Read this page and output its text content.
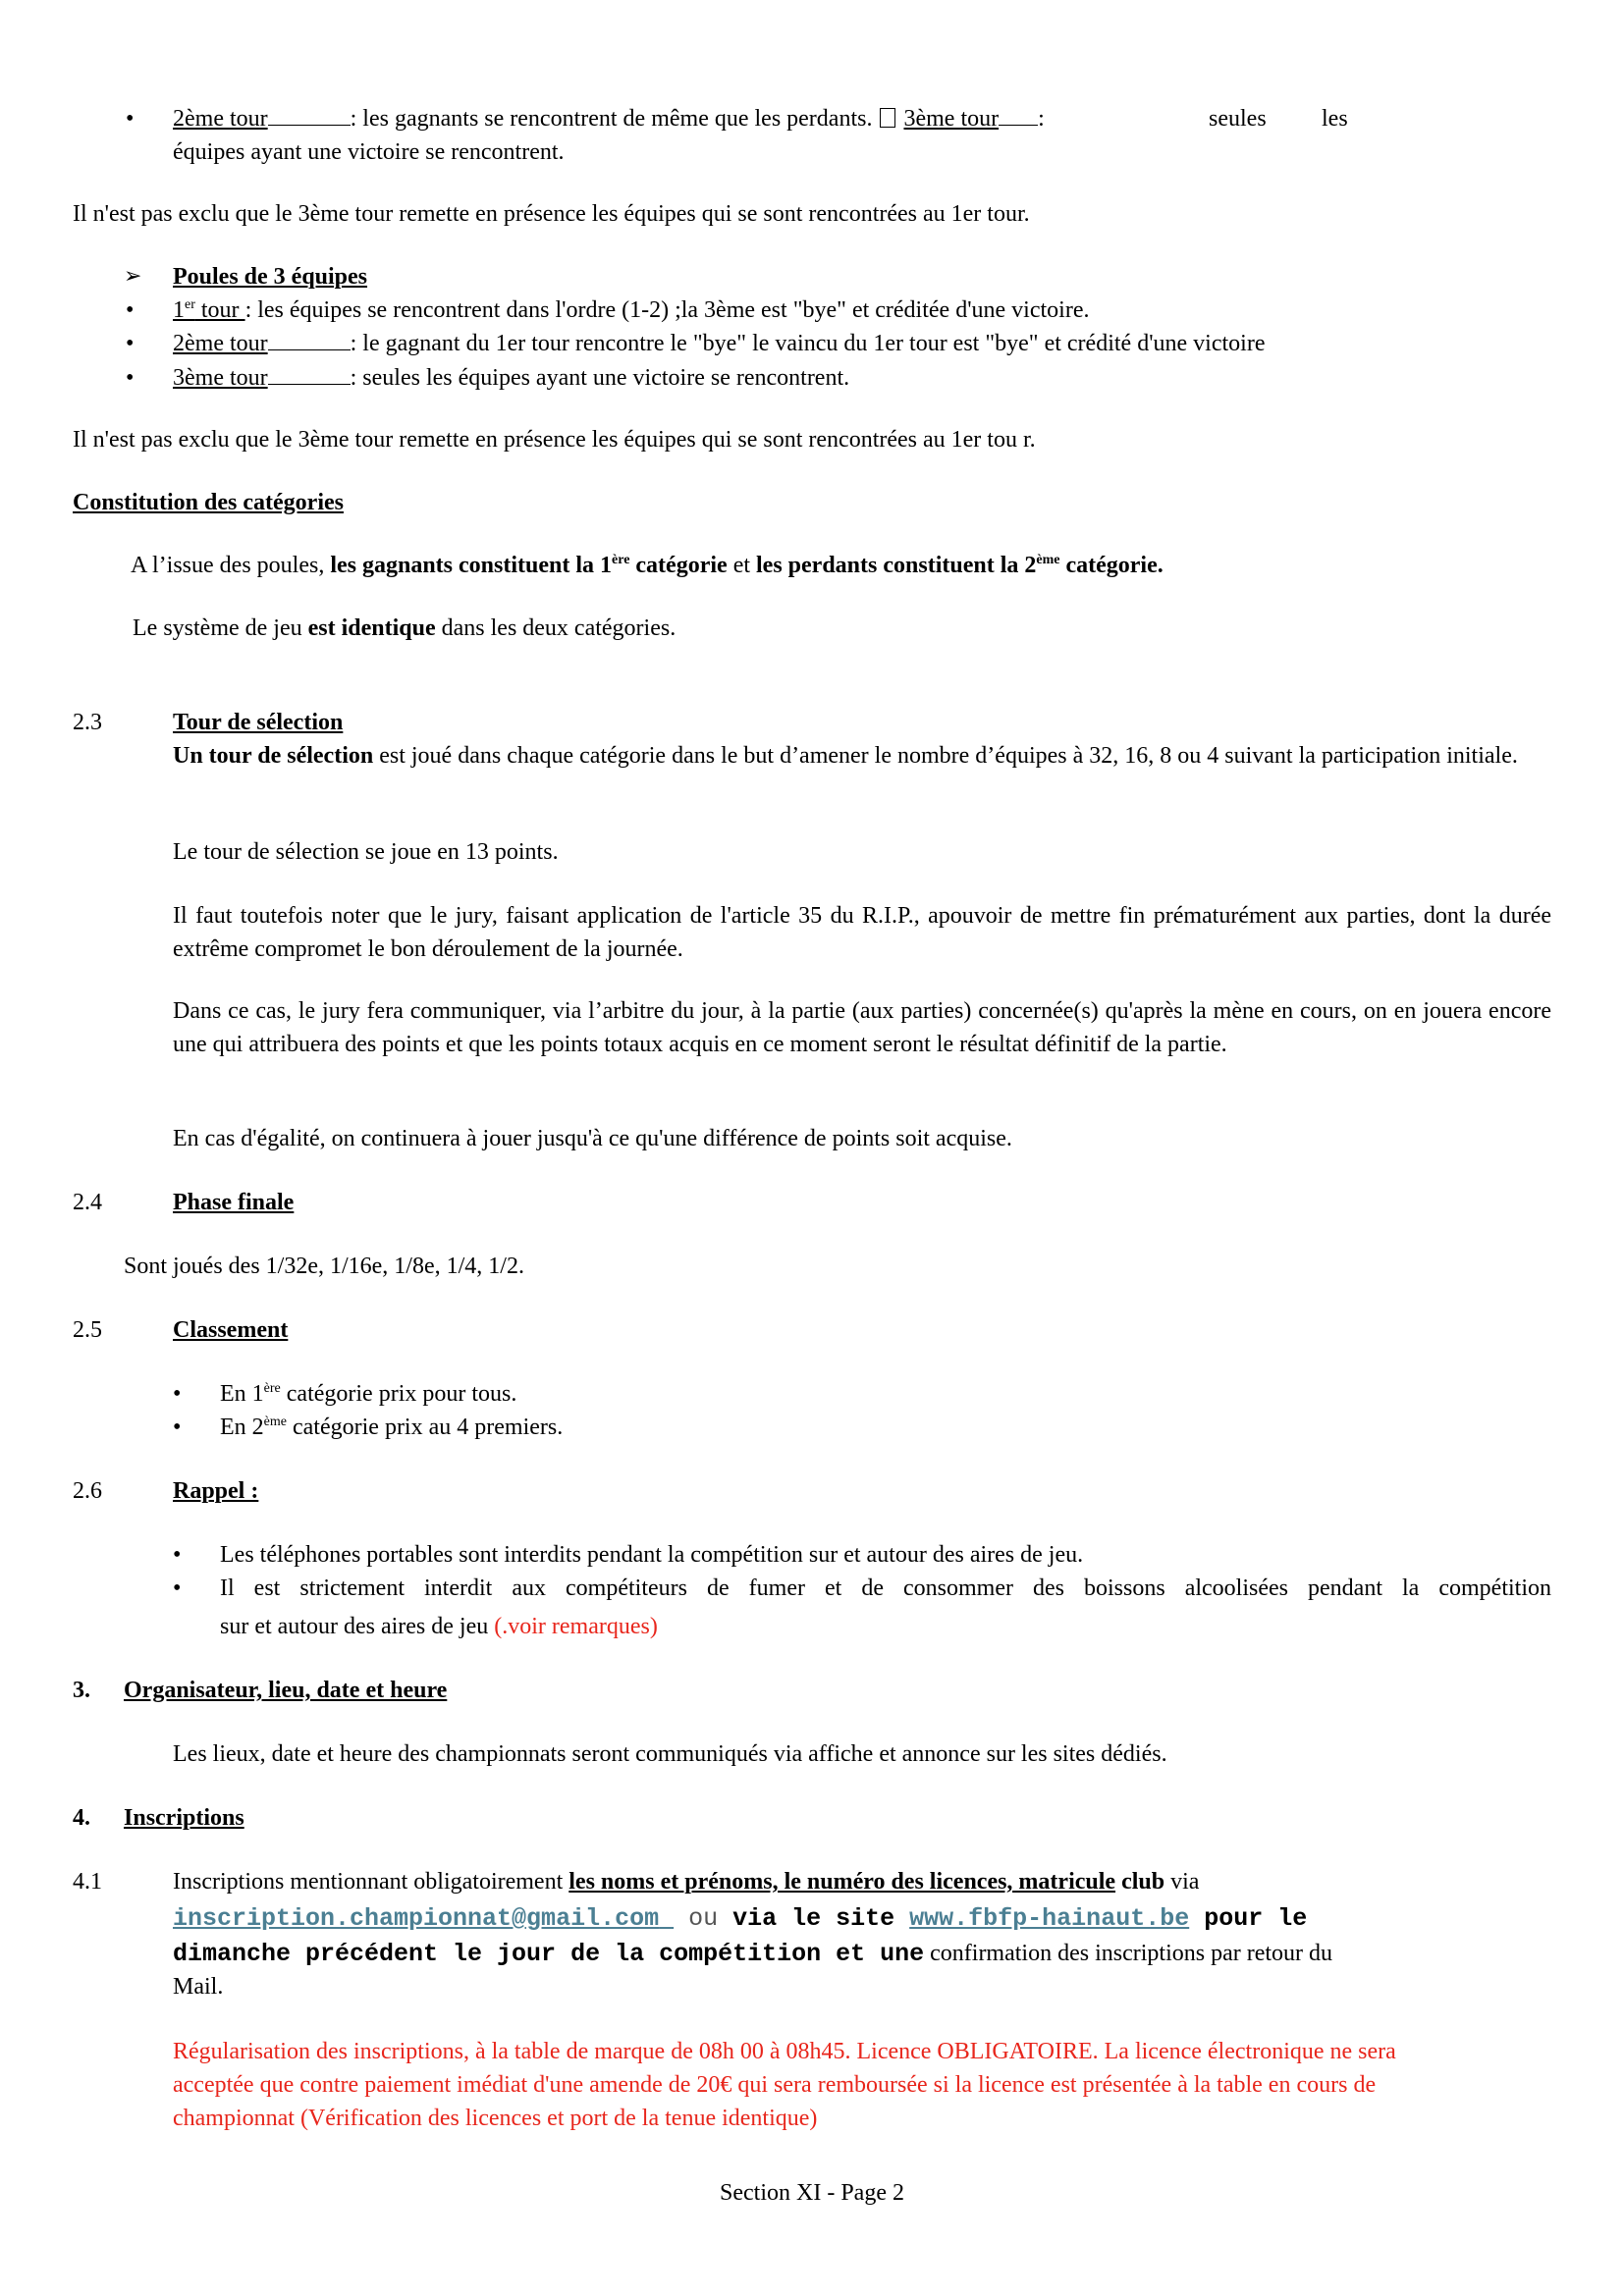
• 2ème tour	: les gagnants se rencontrent de même que les perdants. 3ème tour :	seules les
équipes ayant une victoire se rencontrent.
Il n'est pas exclu que le 3ème tour remette en présence les équipes qui se sont rencontrées au 1er tour.
➢ Poules de 3 équipes
• 1er tour : les équipes se rencontrent dans l'ordre (1-2) ;la 3ème est "bye" et créditée d'une victoire.
• 2ème tour	: le gagnant du 1er tour rencontre le "bye" le vaincu du 1er tour est "bye" et crédité d'une victoire
• 3ème tour	: seules les équipes ayant une victoire se rencontrent.
Il n'est pas exclu que le 3ème tour remette en présence les équipes qui se sont rencontrées au 1er tou r.
Constitution des catégories
A l’issue des poules, les gagnants constituent la 1ère catégorie et les perdants constituent la 2ème catégorie.
Le système de jeu est identique dans les deux catégories.
2.3	Tour de sélection
Un tour de sélection est joué dans chaque catégorie dans le but d’amener le nombre d’équipes à 32, 16, 8 ou 4 suivant la participation initiale.
Le tour de sélection se joue en 13 points.
Il faut toutefois noter que le jury, faisant application de l'article 35 du R.I.P., apouvoir de mettre fin prématurément aux parties, dont la durée extrême compromet le bon déroulement de la journée.
Dans ce cas, le jury fera communiquer, via l’arbitre du jour, à la partie (aux parties) concernée(s) qu'après la mène en cours, on en jouera encore une qui attribuera des points et que les points totaux acquis en ce moment seront le résultat définitif de la partie.
En cas d'égalité, on continuera à jouer jusqu'à ce qu'une différence de points soit acquise.
2.4	Phase finale
Sont joués des 1/32e, 1/16e, 1/8e, 1/4, 1/2.
2.5	Classement
• En 1ère catégorie prix pour tous.
• En 2ème catégorie prix au 4 premiers.
2.6	Rappel :
• Les téléphones portables sont interdits pendant la compétition sur et autour des aires de jeu.
• Il est strictement interdit aux compétiteurs de fumer et de consommer des boissons alcoolisées pendant la compétition
sur et autour des aires de jeu (.voir remarques)
3. Organisateur, lieu, date et heure
Les lieux, date et heure des championnats seront communiqués via affiche et annonce sur les sites dédiés.
4. Inscriptions
4.1	Inscriptions mentionnant obligatoirement les noms et prénoms, le numéro des licences, matricule club via
inscription.championnat@gmail.com  ou via le site www.fbfp-hainaut.be pour le
dimanche précédent le jour de la compétition et une confirmation des inscriptions par retour du
Mail.
Régularisation des inscriptions, à la table de marque de 08h 00 à 08h45. Licence OBLIGATOIRE. La licence électronique ne sera acceptée que contre paiement imédiat d'une amende de 20€ qui sera remboursée si la licence est présentée à la table en cours de championnat (Vérification des licences et port de la tenue identique)
Section XI - Page 2
